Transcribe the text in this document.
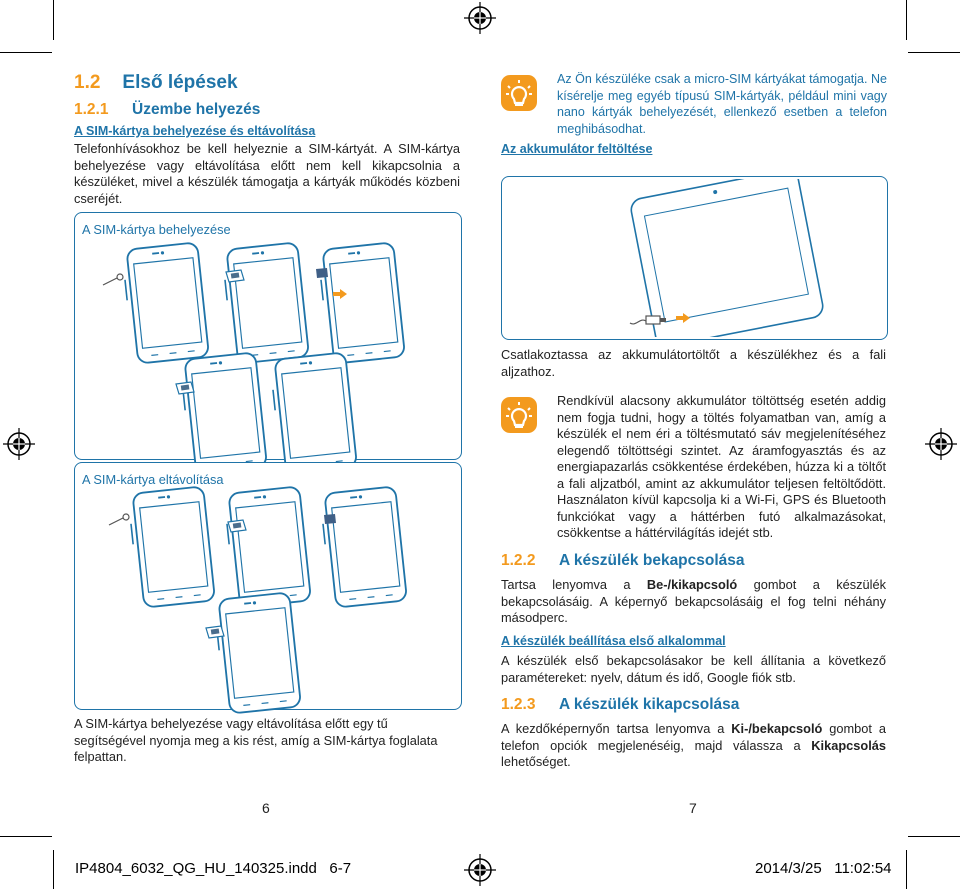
1.2 Első lépések
1.2.1 Üzembe helyezés
A SIM-kártya behelyezése és eltávolítása
Telefonhívásokhoz be kell helyeznie a SIM-kártyát. A SIM-kártya behelyezése vagy eltávolítása előtt nem kell kikapcsolnia a készüléket, mivel a készülék támogatja a kártyák működés közbeni cseréjét.
A SIM-kártya behelyezése
A SIM-kártya eltávolítása
A SIM-kártya behelyezése vagy eltávolítása előtt egy tű segítségével nyomja meg a kis rést, amíg a SIM-kártya foglalata felpattan.
6
Az Ön készüléke csak a micro-SIM kártyákat támogatja. Ne kísérelje meg egyéb típusú SIM-kártyák, például mini vagy nano kártyák behelyezését, ellenkező esetben a telefon meghibásodhat.
Az akkumulátor feltöltése
Csatlakoztassa az akkumulátortöltőt a készülékhez és a fali aljzathoz.
Rendkívül alacsony akkumulátor töltöttség esetén addig nem fogja tudni, hogy a töltés folyamatban van, amíg a készülék el nem éri a töltésmutató sáv megjelenítéséhez elegendő töltöttségi szintet. Az áramfogyasztás és az energiapazarlás csökkentése érdekében, húzza ki a töltőt a fali aljzatból, amint az akkumulátor teljesen feltöltődött. Használaton kívül kapcsolja ki a Wi-Fi, GPS és Bluetooth funkciókat vagy a háttérben futó alkalmazásokat, csökkentse a háttérvilágítás idejét stb.
1.2.2 A készülék bekapcsolása
Tartsa lenyomva a Be-/kikapcsoló gombot a készülék bekapcsolásáig. A képernyő bekapcsolásáig el fog telni néhány másodperc.
A készülék beállítása első alkalommal
A készülék első bekapcsolásakor be kell állítania a következő paramétereket: nyelv, dátum és idő, Google fiók stb.
1.2.3 A készülék kikapcsolása
A kezdőképernyőn tartsa lenyomva a Ki-/bekapcsoló gombot a telefon opciók megjelenéséig, majd válassza a Kikapcsolás lehetőséget.
7
IP4804_6032_QG_HU_140325.indd   6-7	2014/3/25   11:02:54
